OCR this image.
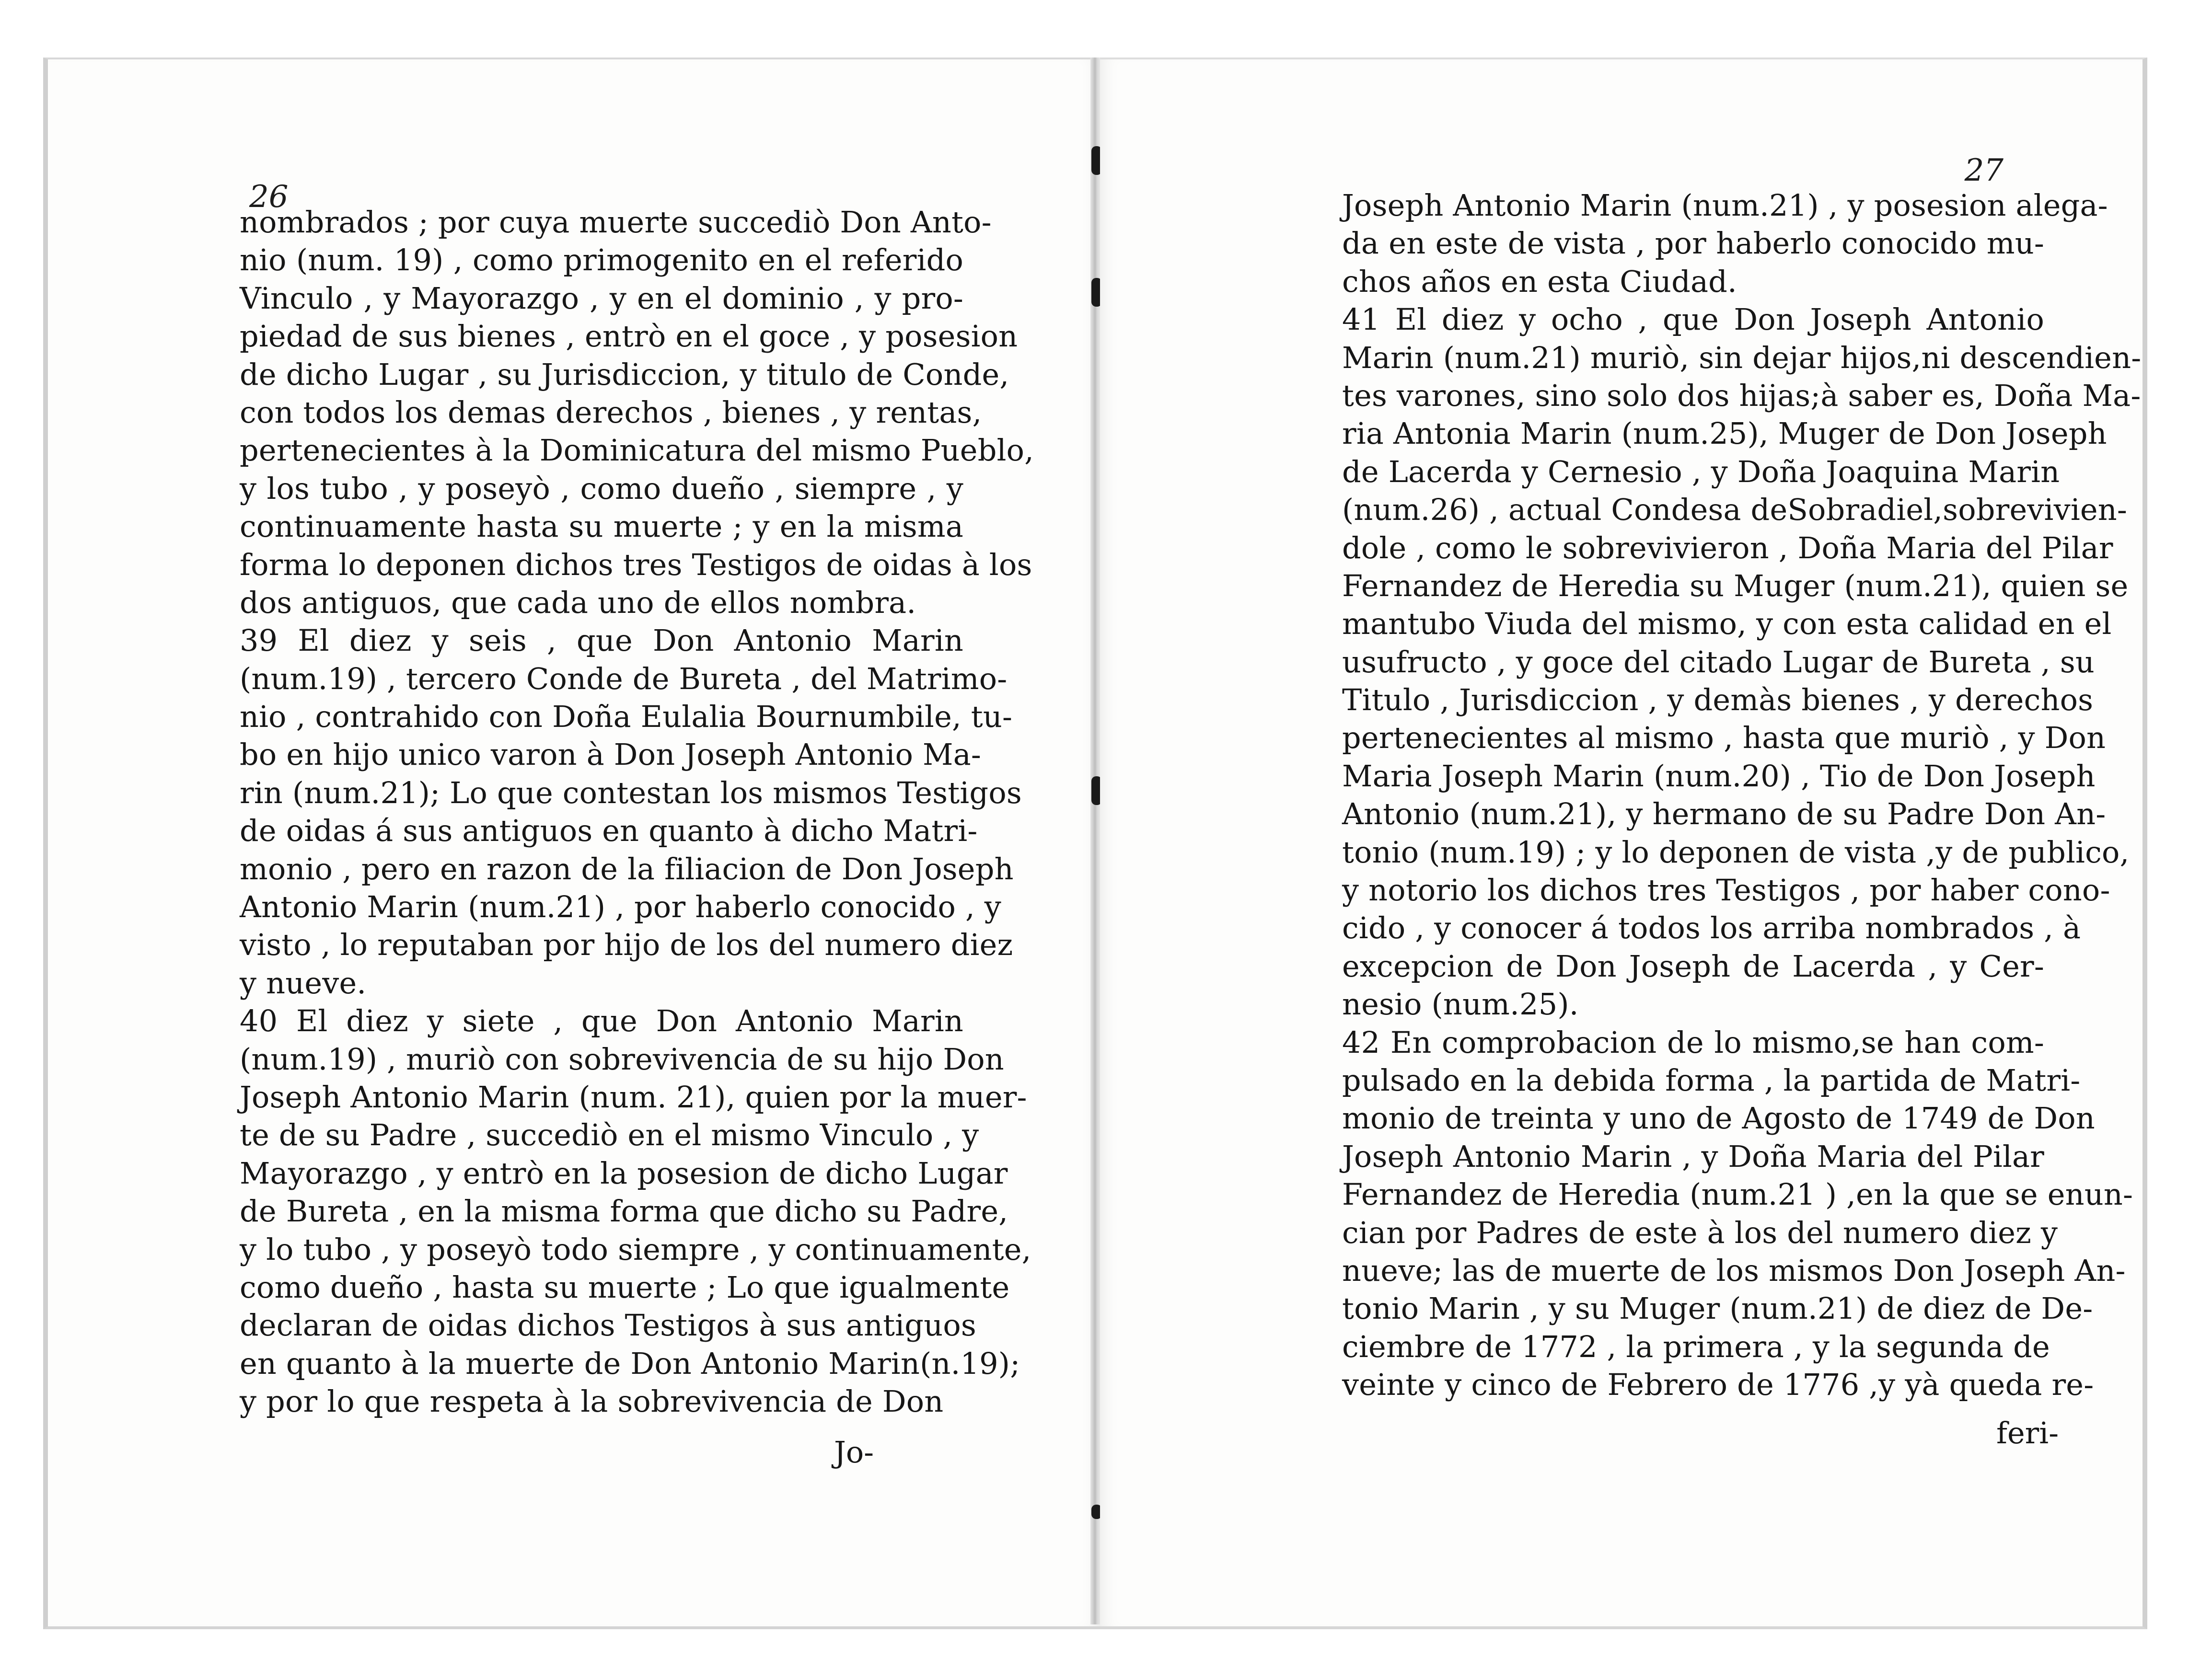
26
nombrados ; por cuya muerte succediò Don Anto-
nio (num. 19) , como primogenito en el referido
Vinculo , y Mayorazgo , y en el dominio , y pro-
piedad de sus bienes , entrò en el goce , y posesion
de dicho Lugar , su Jurisdiccion, y titulo de Conde,
con todos los demas derechos , bienes , y rentas,
pertenecientes à la Dominicatura del mismo Pueblo,
y los tubo , y poseyò , como dueño , siempre , y
continuamente hasta su muerte ; y en la misma
forma lo deponen dichos tres Testigos de oidas à los
dos antiguos, que cada uno de ellos nombra.
39 El diez y seis , que Don Antonio Marin
(num.19) , tercero Conde de Bureta , del Matrimo-
nio , contrahido con Doña Eulalia Bournumbile, tu-
bo en hijo unico varon à Don Joseph Antonio Ma-
rin (num.21); Lo que contestan los mismos Testigos
de oidas á sus antiguos en quanto à dicho Matri-
monio , pero en razon de la filiacion de Don Joseph
Antonio Marin (num.21) , por haberlo conocido , y
visto , lo reputaban por hijo de los del numero diez
y nueve.
40 El diez y siete , que Don Antonio Marin
(num.19) , muriò con sobrevivencia de su hijo Don
Joseph Antonio Marin (num. 21), quien por la muer-
te de su Padre , succediò en el mismo Vinculo , y
Mayorazgo , y entrò en la posesion de dicho Lugar
de Bureta , en la misma forma que dicho su Padre,
y lo tubo , y poseyò todo siempre , y continuamente,
como dueño , hasta su muerte ; Lo que igualmente
declaran de oidas dichos Testigos à sus antiguos
en quanto à la muerte de Don Antonio Marin(n.19);
y por lo que respeta à la sobrevivencia de Don
Jo-
27
Joseph Antonio Marin (num.21) , y posesion alega-
da en este de vista , por haberlo conocido mu-
chos años en esta Ciudad.
41 El diez y ocho , que Don Joseph Antonio
Marin (num.21) muriò, sin dejar hijos,ni descendien-
tes varones, sino solo dos hijas;à saber es, Doña Ma-
ria Antonia Marin (num.25), Muger de Don Joseph
de Lacerda y Cernesio , y Doña Joaquina Marin
(num.26) , actual Condesa deSobradiel,sobrevivien-
dole , como le sobrevivieron , Doña Maria del Pilar
Fernandez de Heredia su Muger (num.21), quien se
mantubo Viuda del mismo, y con esta calidad en el
usufructo , y goce del citado Lugar de Bureta , su
Titulo , Jurisdiccion , y demàs bienes , y derechos
pertenecientes al mismo , hasta que muriò , y Don
Maria Joseph Marin (num.20) , Tio de Don Joseph
Antonio (num.21), y hermano de su Padre Don An-
tonio (num.19) ; y lo deponen de vista ,y de publico,
y notorio los dichos tres Testigos , por haber cono-
cido , y conocer á todos los arriba nombrados , à
excepcion de Don Joseph de Lacerda , y Cer-
nesio (num.25).
42 En comprobacion de lo mismo,se han com-
pulsado en la debida forma , la partida de Matri-
monio de treinta y uno de Agosto de 1749 de Don
Joseph Antonio Marin , y Doña Maria del Pilar
Fernandez de Heredia (num.21 ) ,en la que se enun-
cian por Padres de este à los del numero diez y
nueve; las de muerte de los mismos Don Joseph An-
tonio Marin , y su Muger (num.21) de diez de De-
ciembre de 1772 , la primera , y la segunda de
veinte y cinco de Febrero de 1776 ,y yà queda re-
feri-
